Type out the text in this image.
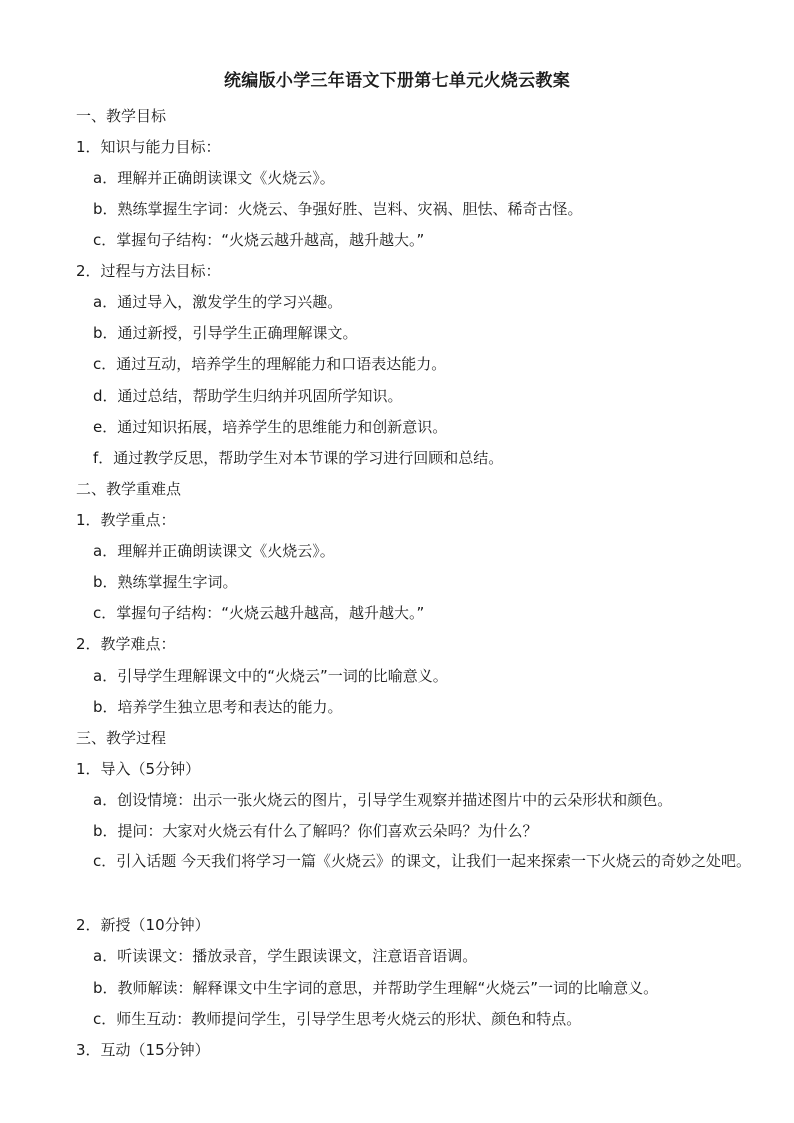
统编版小学三年语文下册第七单元火烧云教案
一、教学目标
1．知识与能力目标：
a．理解并正确朗读课文《火烧云》。
b．熟练掌握生字词：火烧云、争强好胜、岂料、灾祸、胆怯、稀奇古怪。
c．掌握句子结构：“火烧云越升越高，越升越大。”
2．过程与方法目标：
a．通过导入，激发学生的学习兴趣。
b．通过新授，引导学生正确理解课文。
c．通过互动，培养学生的理解能力和口语表达能力。
d．通过总结，帮助学生归纳并巩固所学知识。
e．通过知识拓展，培养学生的思维能力和创新意识。
f．通过教学反思，帮助学生对本节课的学习进行回顾和总结。
二、教学重难点
1．教学重点：
a．理解并正确朗读课文《火烧云》。
b．熟练掌握生字词。
c．掌握句子结构：“火烧云越升越高，越升越大。”
2．教学难点：
a．引导学生理解课文中的“火烧云”一词的比喻意义。
b．培养学生独立思考和表达的能力。
三、教学过程
1．导入（5分钟）
a．创设情境：出示一张火烧云的图片，引导学生观察并描述图片中的云朵形状和颜色。
b．提问：大家对火烧云有什么了解吗？你们喜欢云朵吗？为什么？
c．引入话题 今天我们将学习一篇《火烧云》的课文，让我们一起来探索一下火烧云的奇妙之处吧。
2．新授（10分钟）
a．听读课文：播放录音，学生跟读课文，注意语音语调。
b．教师解读：解释课文中生字词的意思，并帮助学生理解“火烧云”一词的比喻意义。
c．师生互动：教师提问学生，引导学生思考火烧云的形状、颜色和特点。
3．互动（15分钟）
